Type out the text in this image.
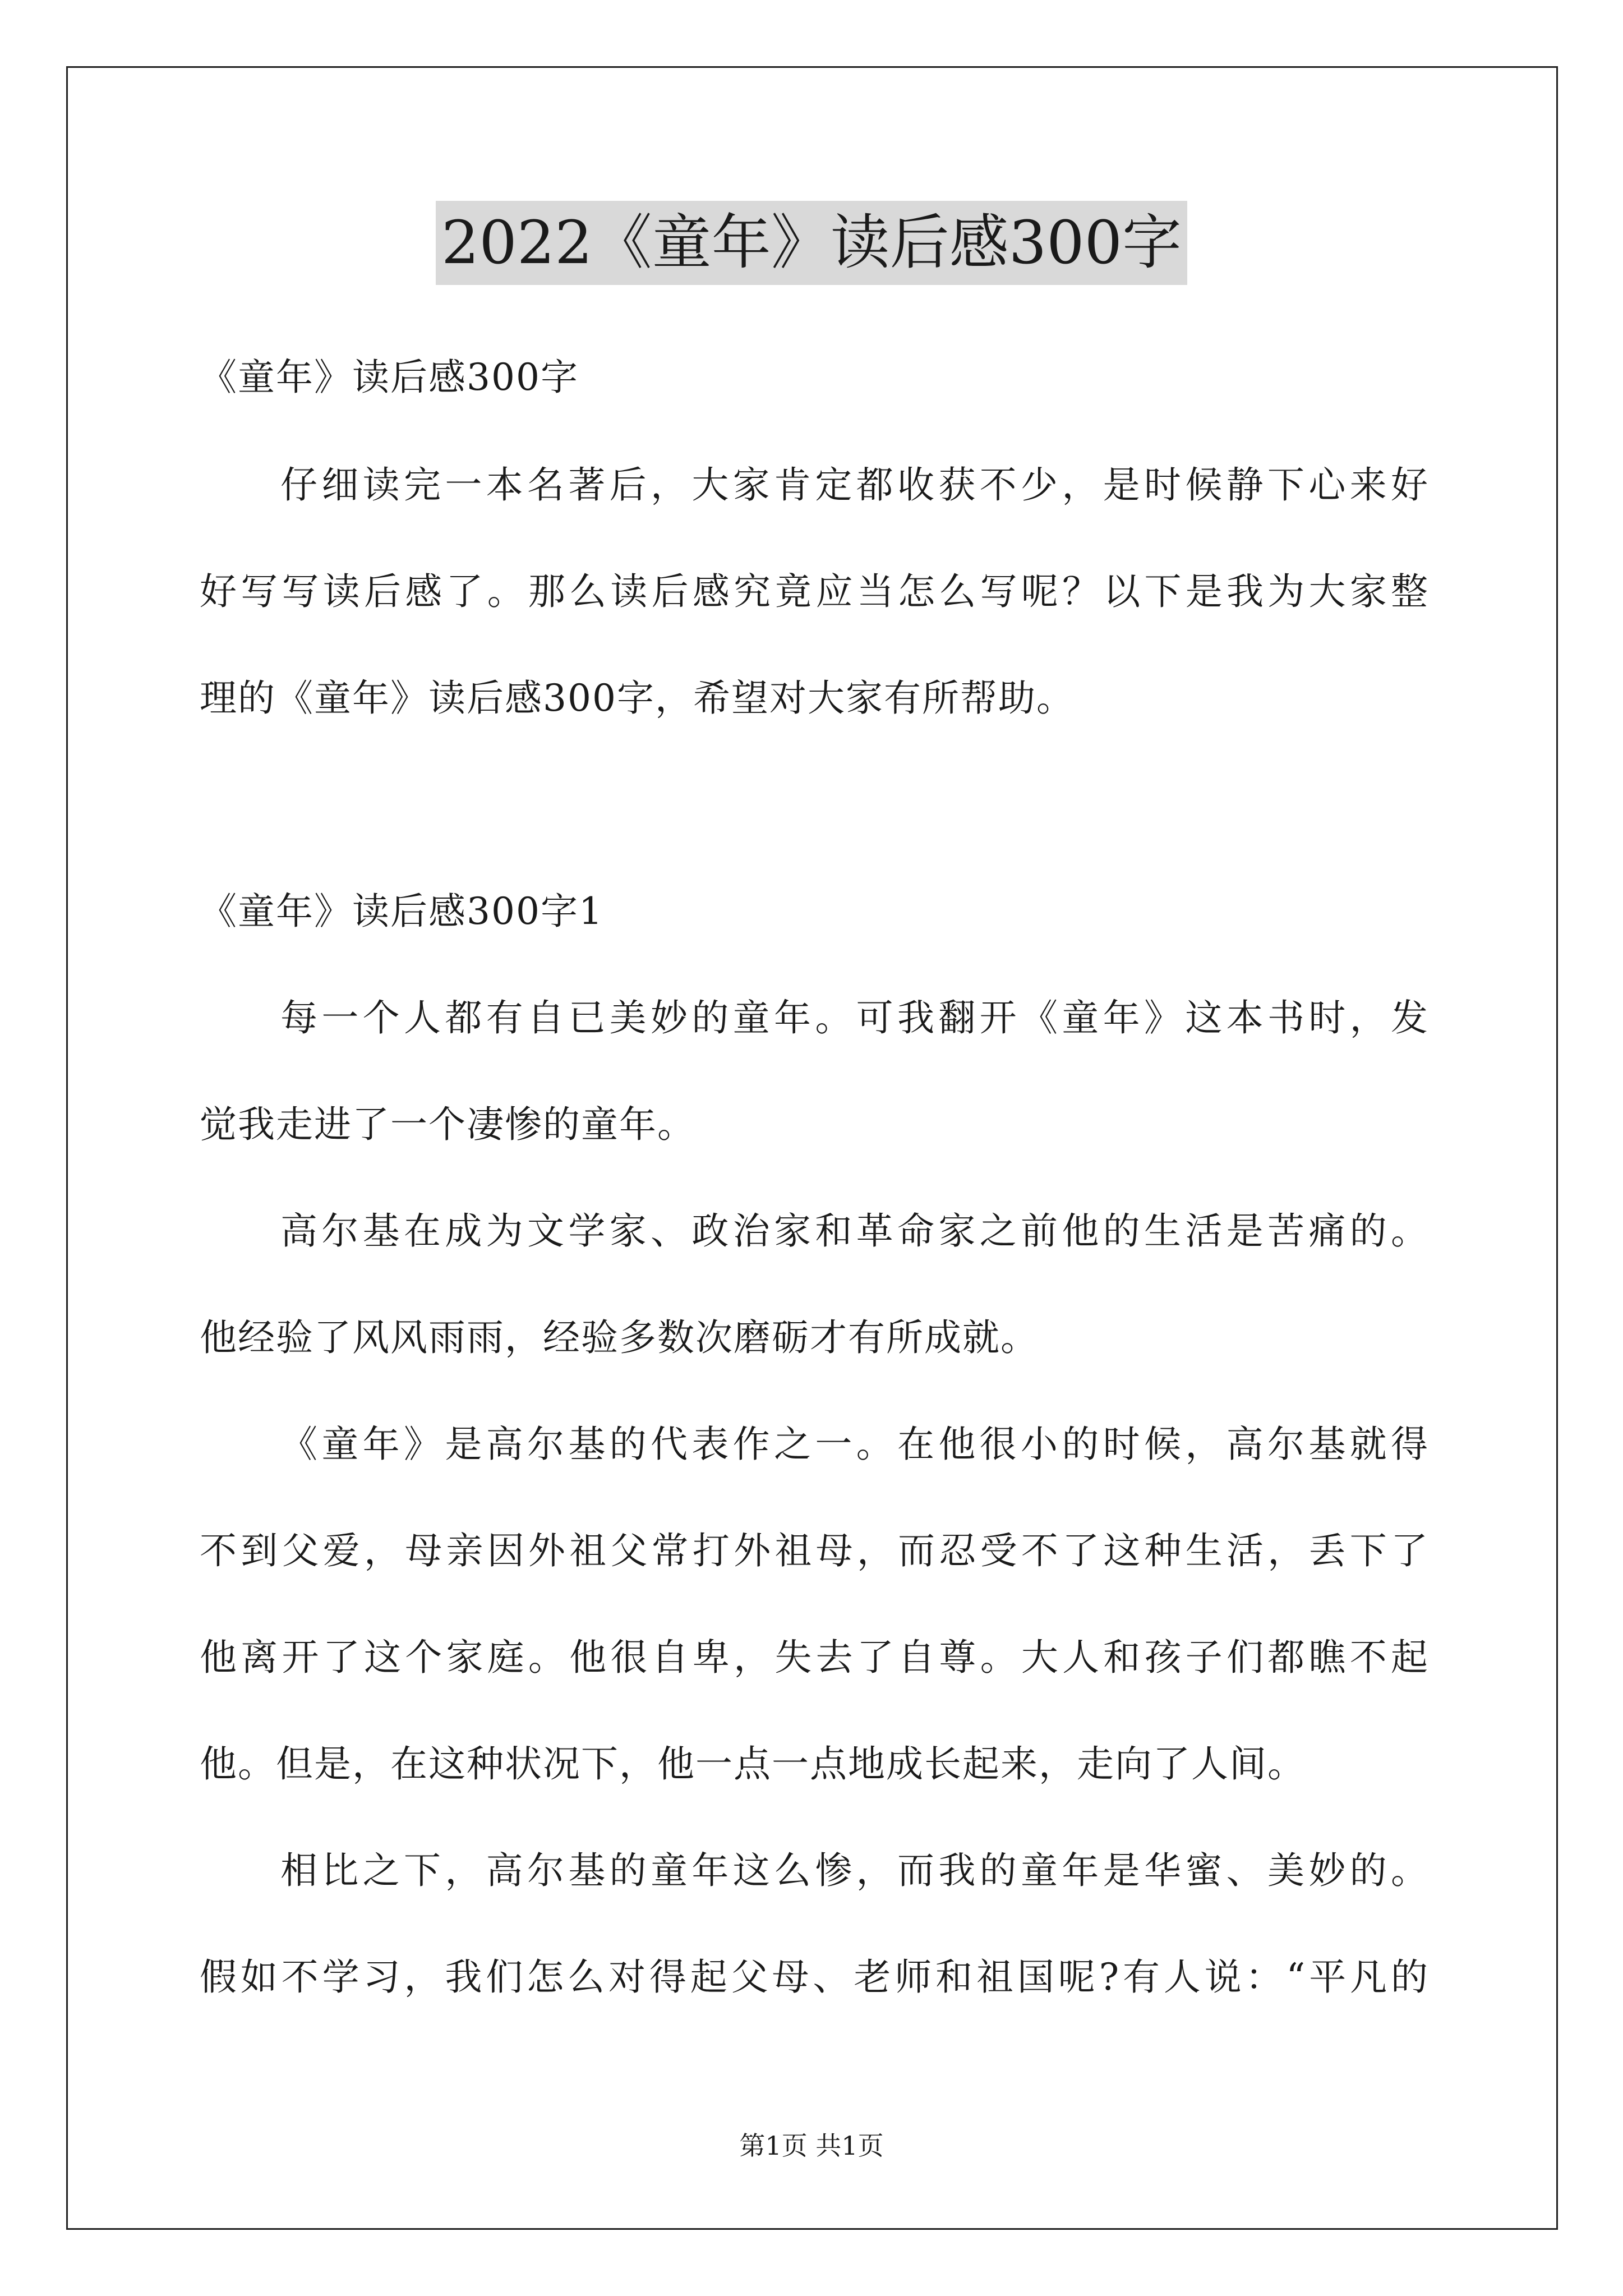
2022《童年》读后感300字
《童年》读后感300字
仔细读完一本名著后，大家肯定都收获不少，是时候静下心来好
好写写读后感了。那么读后感究竟应当怎么写呢？以下是我为大家整
理的《童年》读后感300字，希望对大家有所帮助。
《童年》读后感300字1
每一个人都有自已美妙的童年。可我翻开《童年》这本书时，发
觉我走进了一个凄惨的童年。
高尔基在成为文学家、政治家和革命家之前他的生活是苦痛的。
他经验了风风雨雨，经验多数次磨砺才有所成就。
《童年》是高尔基的代表作之一。在他很小的时候，高尔基就得
不到父爱，母亲因外祖父常打外祖母，而忍受不了这种生活，丢下了
他离开了这个家庭。他很自卑，失去了自尊。大人和孩子们都瞧不起
他。但是，在这种状况下，他一点一点地成长起来，走向了人间。
相比之下，高尔基的童年这么惨，而我的童年是华蜜、美妙的。
假如不学习，我们怎么对得起父母、老师和祖国呢?有人说：“平凡的
第1页 共1页
